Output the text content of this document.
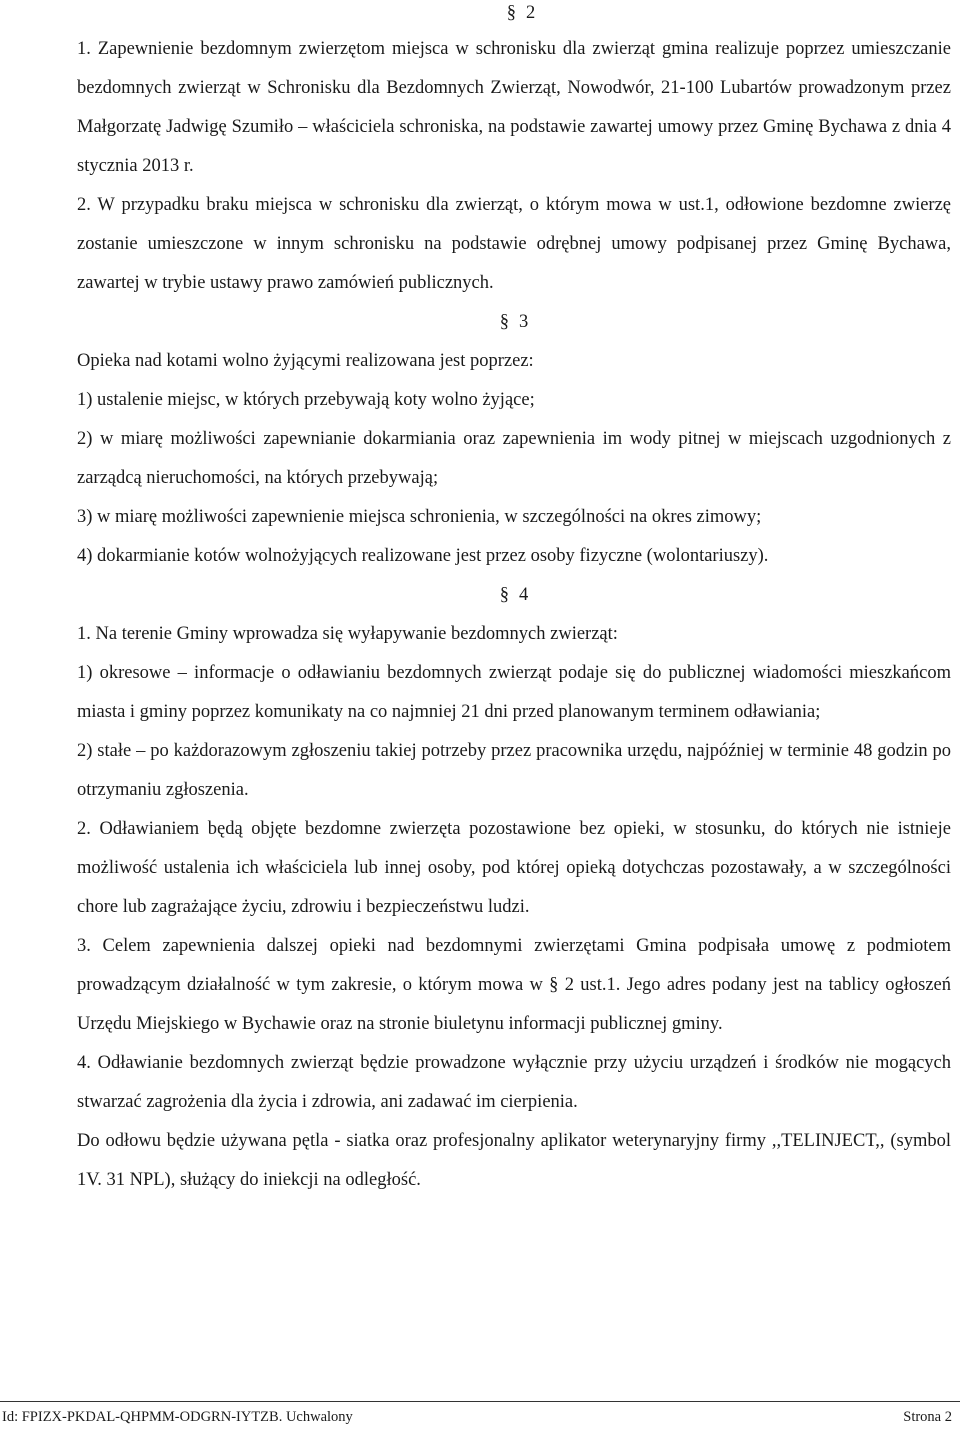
§ 2

1. Zapewnienie bezdomnym zwierzętom miejsca w schronisku dla zwierząt gmina realizuje poprzez umieszczanie bezdomnych zwierząt w Schronisku dla Bezdomnych Zwierząt, Nowodwór, 21-100 Lubartów prowadzonym przez Małgorzatę Jadwigę Szumiło – właściciela schroniska, na podstawie zawartej umowy przez Gminę Bychawa z dnia 4 stycznia 2013 r.

2. W przypadku braku miejsca w schronisku dla zwierząt, o którym mowa w ust.1, odłowione bezdomne zwierzę zostanie umieszczone w innym schronisku na podstawie odrębnej umowy podpisanej przez Gminę Bychawa, zawartej w trybie ustawy prawo zamówień publicznych.

§ 3

Opieka nad kotami wolno żyjącymi realizowana jest poprzez:

1) ustalenie miejsc, w których przebywają koty wolno żyjące;

2) w miarę możliwości zapewnianie dokarmiania oraz zapewnienia im wody pitnej w miejscach uzgodnionych z zarządcą nieruchomości, na których przebywają;

3) w miarę możliwości zapewnienie miejsca schronienia, w szczególności na okres zimowy;

4) dokarmianie kotów wolnożyjących realizowane jest przez osoby fizyczne (wolontariuszy).

§ 4

1. Na terenie Gminy wprowadza się wyłapywanie bezdomnych zwierząt:

1) okresowe – informacje o odławianiu bezdomnych zwierząt podaje się do publicznej wiadomości mieszkańcom miasta i gminy poprzez komunikaty na co najmniej 21 dni przed planowanym terminem odławiania;

2) stałe – po każdorazowym zgłoszeniu takiej potrzeby przez pracownika urzędu, najpóźniej w terminie 48 godzin po otrzymaniu zgłoszenia.

2. Odławianiem będą objęte bezdomne zwierzęta pozostawione bez opieki, w stosunku, do których nie istnieje możliwość ustalenia ich właściciela lub innej osoby, pod której opieką dotychczas pozostawały, a w szczególności chore lub zagrażające życiu, zdrowiu i bezpieczeństwu ludzi.

3. Celem zapewnienia dalszej opieki nad bezdomnymi zwierzętami Gmina podpisała umowę z podmiotem prowadzącym działalność w tym zakresie, o którym mowa w § 2 ust.1. Jego adres podany jest na tablicy ogłoszeń Urzędu Miejskiego w Bychawie oraz na stronie biuletynu informacji publicznej gminy.

4. Odławianie bezdomnych zwierząt będzie prowadzone wyłącznie przy użyciu urządzeń i środków nie mogących stwarzać zagrożenia dla życia i zdrowia, ani zadawać im cierpienia.

Do odłowu będzie używana pętla - siatka oraz profesjonalny aplikator weterynaryjny firmy ,,TELINJECT,, (symbol 1V. 31 NPL), służący do iniekcji na odległość.

Id: FPIZX-PKDAL-QHPMM-ODGRN-IYTZB. Uchwalony	Strona 2
